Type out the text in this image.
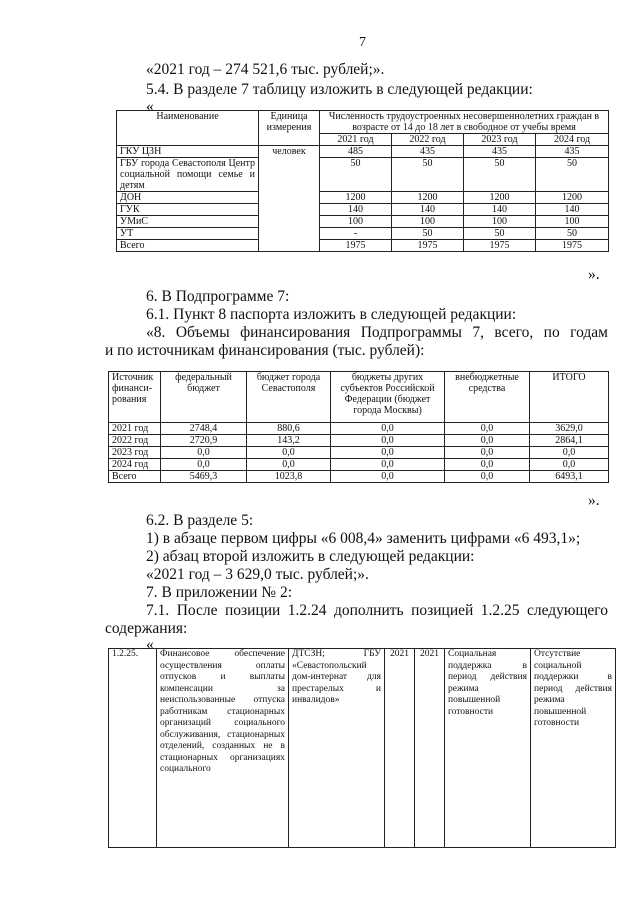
7
«2021 год – 274 521,6 тыс. рублей;».
5.4. В разделе 7 таблицу изложить в следующей редакции:
«
Наименование	Единица измерения	Численность трудоустроенных несовершеннолетних граждан в возрасте от 14 до 18 лет в свободное от учебы время			
		2021 год	2022 год	2023 год	2024 год
ГКУ ЦЗН	человек	485	435	435	435
ГБУ города Севастополя Центр социальной помощи семье и детям		50	50	50	50
ДОН		1200	1200	1200	1200
ГУК		140	140	140	140
УМиС		100	100	100	100
УТ		-	50	50	50
Всего		1975	1975	1975	1975
».
6. В Подпрограмме 7:
6.1. Пункт 8 паспорта изложить в следующей редакции:
«8. Объемы финансирования Подпрограммы 7, всего, по годам
и по источникам финансирования (тыс. рублей):
Источник финанси-рования	федеральный бюджет	бюджет города Севастополя	бюджеты других субъектов Российской Федерации (бюджет города Москвы)	внебюджетные средства	ИТОГО
2021 год	2748,4	880,6	0,0	0,0	3629,0
2022 год	2720,9	143,2	0,0	0,0	2864,1
2023 год	0,0	0,0	0,0	0,0	0,0
2024 год	0,0	0,0	0,0	0,0	0,0
Всего	5469,3	1023,8	0,0	0,0	6493,1
».
6.2. В разделе 5:
1) в абзаце первом цифры «6 008,4» заменить цифрами «6 493,1»;
2) абзац второй изложить в следующей редакции:
«2021 год – 3 629,0 тыс. рублей;».
7. В приложении № 2:
7.1. После позиции 1.2.24 дополнить позицией 1.2.25 следующего
содержания:
«
1.2.25.	Финансовое обеспечение осуществления оплаты отпусков и выплаты компенсации за неиспользованные отпуска работникам стационарных организаций социального обслуживания, стационарных отделений, созданных не в стационарных организациях социального	ДТСЗН; ГБУ «Севастопольский дом-интернат для престарелых и инвалидов»	2021	2021	Социальная поддержка в период действия режима повышенной готовности	Отсутствие социальной поддержки в период действия режима повышенной готовности
